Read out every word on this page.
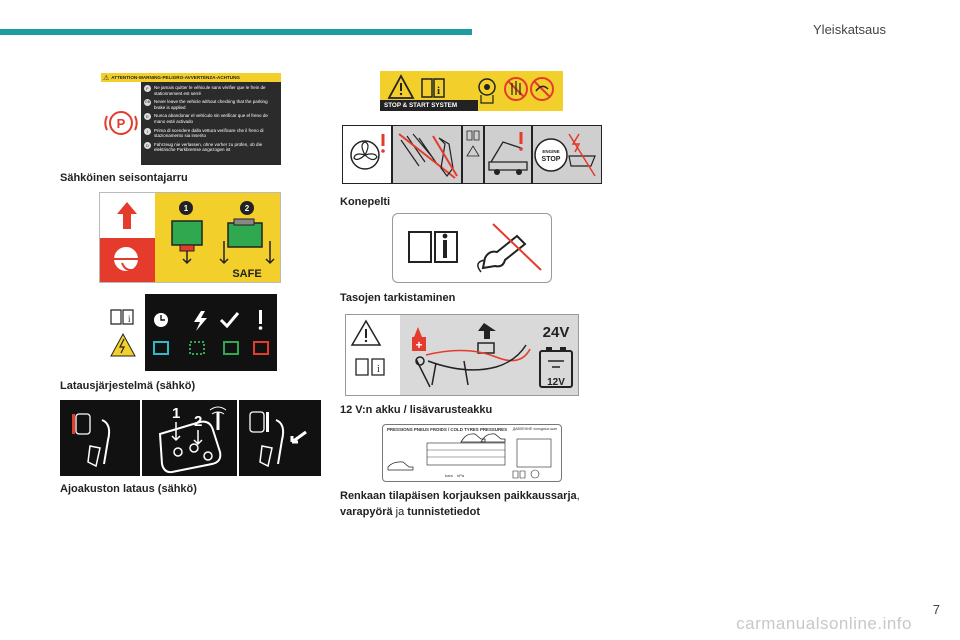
Yleiskatsaus
⚠ ATTENTION-WARNING-PELIGRO-AVVERTENZA-ACHTUNG
P
F	Ne jamais quitter le véhicule sans vérifier que le frein de stationnement est serré
GB Never leave the vehicle without checking that the parking brake is applied
E	Nunca abandonar el vehículo sin verificar que el freno de mano esté activado
I	Prima di scendere dalla vettura verificare che il freno di stazionamento sia inserito
D	Fahrzeug nie verlassen, ohne vorher zu prüfen, ob die elektrische Parkbremse angezogen ist
Sähköinen seisontajarru
1	2
SAFE
i
Latausjärjestelmä (sähkö)
1 2
Ajoakuston lataus (sähkö)
i
STOP & START SYSTEM
ENGINE
STOP
Konepelti
Tasojen tarkistaminen
i
+
24V
12V
12 V:n akku / lisävarusteakku
PRESSIONS PNEUS FROIDS / COLD TYRES PRESSURES	ДАВЛЕНИЕ холодных шин
bars    kPa
Renkaan tilapäisen korjauksen paikkaussarja,
varapyörä ja tunnistetiedot
carmanualsonline.info
7
